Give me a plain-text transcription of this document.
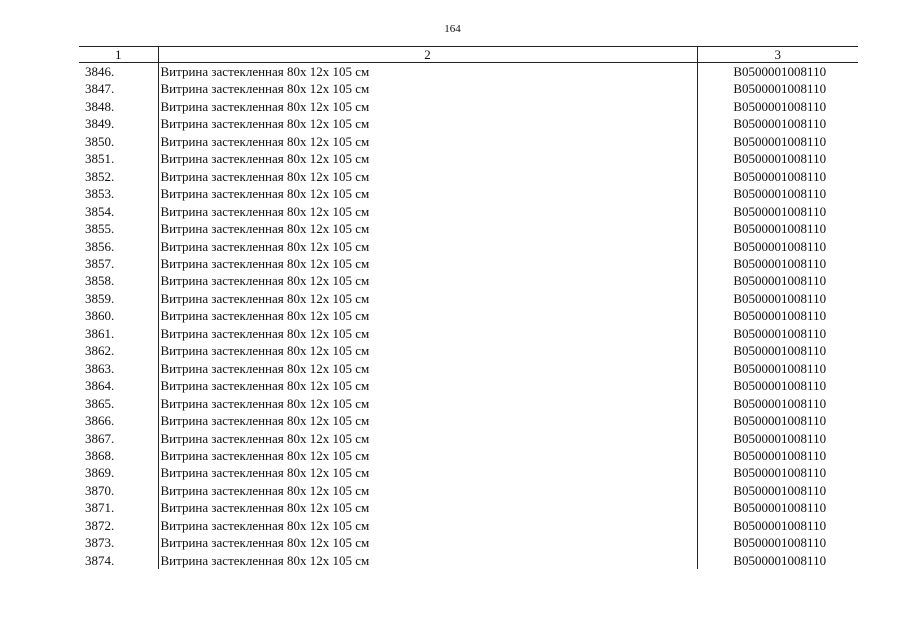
164
1	2	3
3846.	Витрина застекленная 80х 12х 105 см	В0500001008110
3847.	Витрина застекленная 80х 12х 105 см	В0500001008110
3848.	Витрина застекленная 80х 12х 105 см	В0500001008110
3849.	Витрина застекленная 80х 12х 105 см	В0500001008110
3850.	Витрина застекленная 80х 12х 105 см	В0500001008110
3851.	Витрина застекленная 80х 12х 105 см	В0500001008110
3852.	Витрина застекленная 80х 12х 105 см	В0500001008110
3853.	Витрина застекленная 80х 12х 105 см	В0500001008110
3854.	Витрина застекленная 80х 12х 105 см	В0500001008110
3855.	Витрина застекленная 80х 12х 105 см	В0500001008110
3856.	Витрина застекленная 80х 12х 105 см	В0500001008110
3857.	Витрина застекленная 80х 12х 105 см	В0500001008110
3858.	Витрина застекленная 80х 12х 105 см	В0500001008110
3859.	Витрина застекленная 80х 12х 105 см	В0500001008110
3860.	Витрина застекленная 80х 12х 105 см	В0500001008110
3861.	Витрина застекленная 80х 12х 105 см	В0500001008110
3862.	Витрина застекленная 80х 12х 105 см	В0500001008110
3863.	Витрина застекленная 80х 12х 105 см	В0500001008110
3864.	Витрина застекленная 80х 12х 105 см	В0500001008110
3865.	Витрина застекленная 80х 12х 105 см	В0500001008110
3866.	Витрина застекленная 80х 12х 105 см	В0500001008110
3867.	Витрина застекленная 80х 12х 105 см	В0500001008110
3868.	Витрина застекленная 80х 12х 105 см	В0500001008110
3869.	Витрина застекленная 80х 12х 105 см	В0500001008110
3870.	Витрина застекленная 80х 12х 105 см	В0500001008110
3871.	Витрина застекленная 80х 12х 105 см	В0500001008110
3872.	Витрина застекленная 80х 12х 105 см	В0500001008110
3873.	Витрина застекленная 80х 12х 105 см	В0500001008110
3874.	Витрина застекленная 80х 12х 105 см	В0500001008110
